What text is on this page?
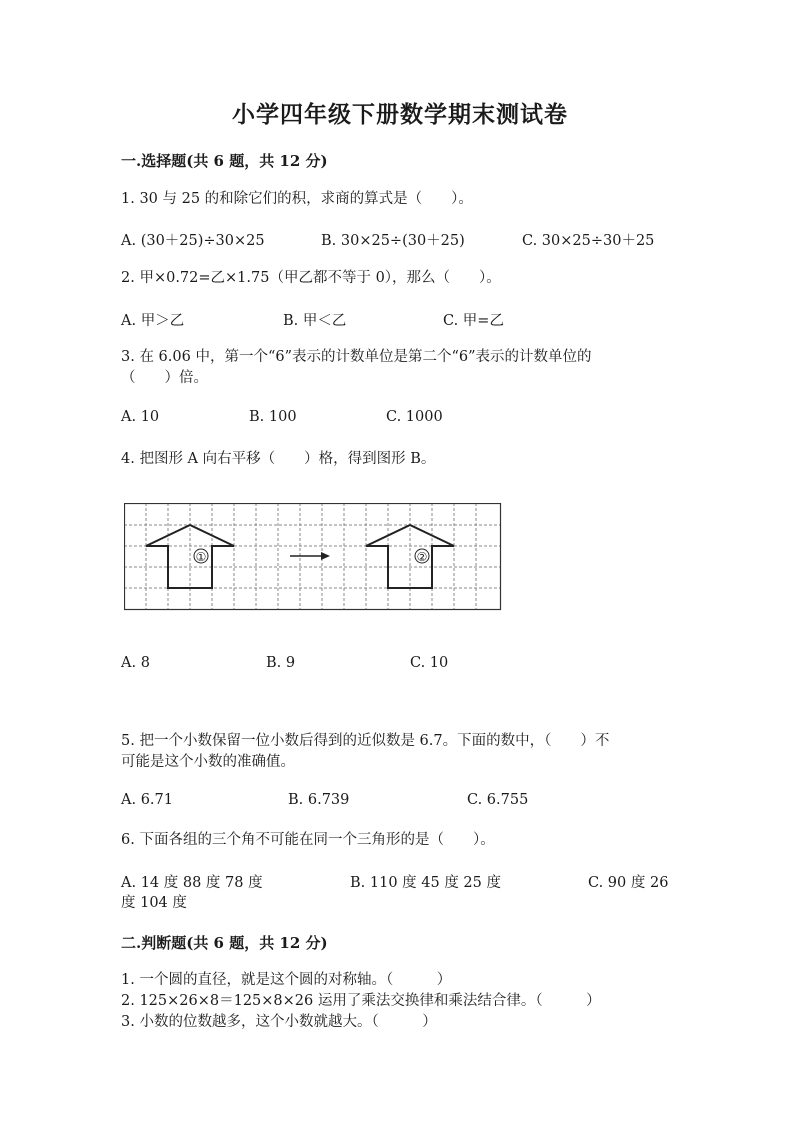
小学四年级下册数学期末测试卷
一.选择题(共 6 题，共 12 分)
1. 30 与 25 的和除它们的积，求商的算式是（　　）。
A. (30＋25)÷30×25	B. 30×25÷(30＋25)	C. 30×25÷30＋25
2. 甲×0.72=乙×1.75（甲乙都不等于 0），那么（　　）。
A. 甲＞乙	B. 甲＜乙	C. 甲=乙
3. 在 6.06 中，第一个“6”表示的计数单位是第二个“6”表示的计数单位的
（　　）倍。
A. 10	B. 100	C. 1000
4. 把图形 A 向右平移（　　）格，得到图形 B。
①	②
A. 8	B. 9	C. 10
5. 把一个小数保留一位小数后得到的近似数是 6.7。下面的数中，（　　）不
可能是这个小数的准确值。
A. 6.71	B. 6.739	C. 6.755
6. 下面各组的三个角不可能在同一个三角形的是（　　）。
A. 14 度 88 度 78 度	B. 110 度 45 度 25 度	C. 90 度 26
度 104 度
二.判断题(共 6 题，共 12 分)
1. 一个圆的直径，就是这个圆的对称轴。（　　　）
2. 125×26×8＝125×8×26 运用了乘法交换律和乘法结合律。（　　　）
3. 小数的位数越多，这个小数就越大。（　　　）
